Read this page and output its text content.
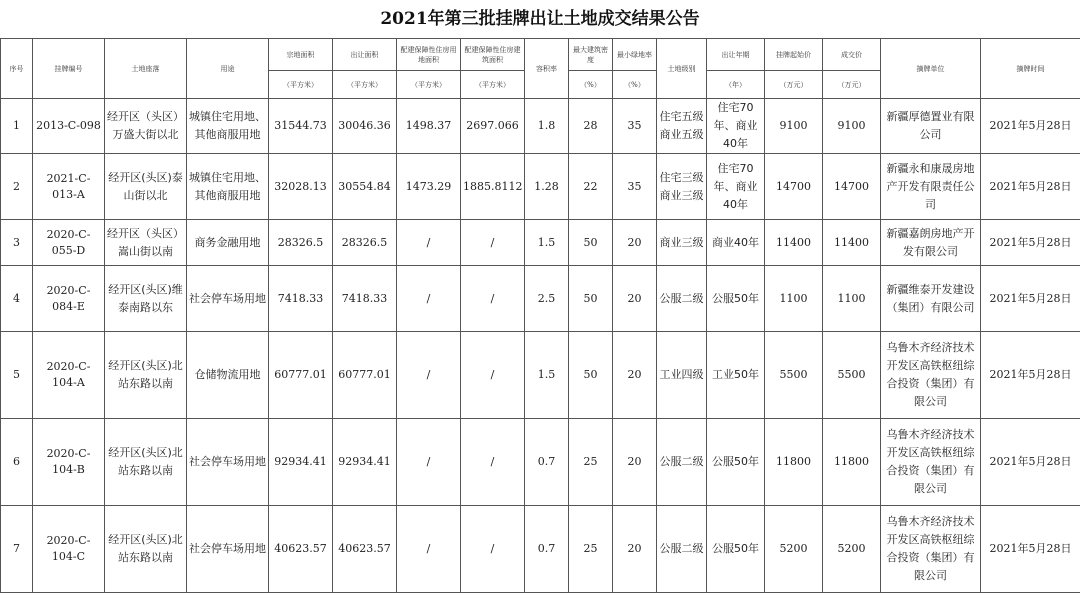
2021年第三批挂牌出让土地成交结果公告
序号	挂牌编号	土地座落	用途	宗地面积	出让面积	配建保障性住房用地面积	配建保障性住房建筑面积	容积率	最大建筑密度	最小绿地率	土地级别	出让年期	挂牌起始价	成交价	摘牌单位	摘牌时间
				（平方米）	（平方米）	（平方米）	（平方米）		（%）	（%）		（年）	（万元）	（万元）		
1	2013-C-098	经开区（头区）万盛大街以北	城镇住宅用地、其他商服用地	31544.73	30046.36	1498.37	2697.066	1.8	28	35	住宅五级商业五级	住宅70年、商业40年	9100	9100	新疆厚德置业有限公司	2021年5月28日
2	2021-C-013-A	经开区(头区)泰山街以北	城镇住宅用地、其他商服用地	32028.13	30554.84	1473.29	1885.8112	1.28	22	35	住宅三级商业三级	住宅70年、商业40年	14700	14700	新疆永和康晟房地产开发有限责任公司	2021年5月28日
3	2020-C-055-D	经开区（头区）嵩山街以南	商务金融用地	28326.5	28326.5	/	/	1.5	50	20	商业三级	商业40年	11400	11400	新疆嘉朗房地产开发有限公司	2021年5月28日
4	2020-C-084-E	经开区(头区)维泰南路以东	社会停车场用地	7418.33	7418.33	/	/	2.5	50	20	公服二级	公服50年	1100	1100	新疆维泰开发建设（集团）有限公司	2021年5月28日
5	2020-C-104-A	经开区(头区)北站东路以南	仓储物流用地	60777.01	60777.01	/	/	1.5	50	20	工业四级	工业50年	5500	5500	乌鲁木齐经济技术开发区高铁枢纽综合投资（集团）有限公司	2021年5月28日
6	2020-C-104-B	经开区(头区)北站东路以南	社会停车场用地	92934.41	92934.41	/	/	0.7	25	20	公服二级	公服50年	11800	11800	乌鲁木齐经济技术开发区高铁枢纽综合投资（集团）有限公司	2021年5月28日
7	2020-C-104-C	经开区(头区)北站东路以南	社会停车场用地	40623.57	40623.57	/	/	0.7	25	20	公服二级	公服50年	5200	5200	乌鲁木齐经济技术开发区高铁枢纽综合投资（集团）有限公司	2021年5月28日
